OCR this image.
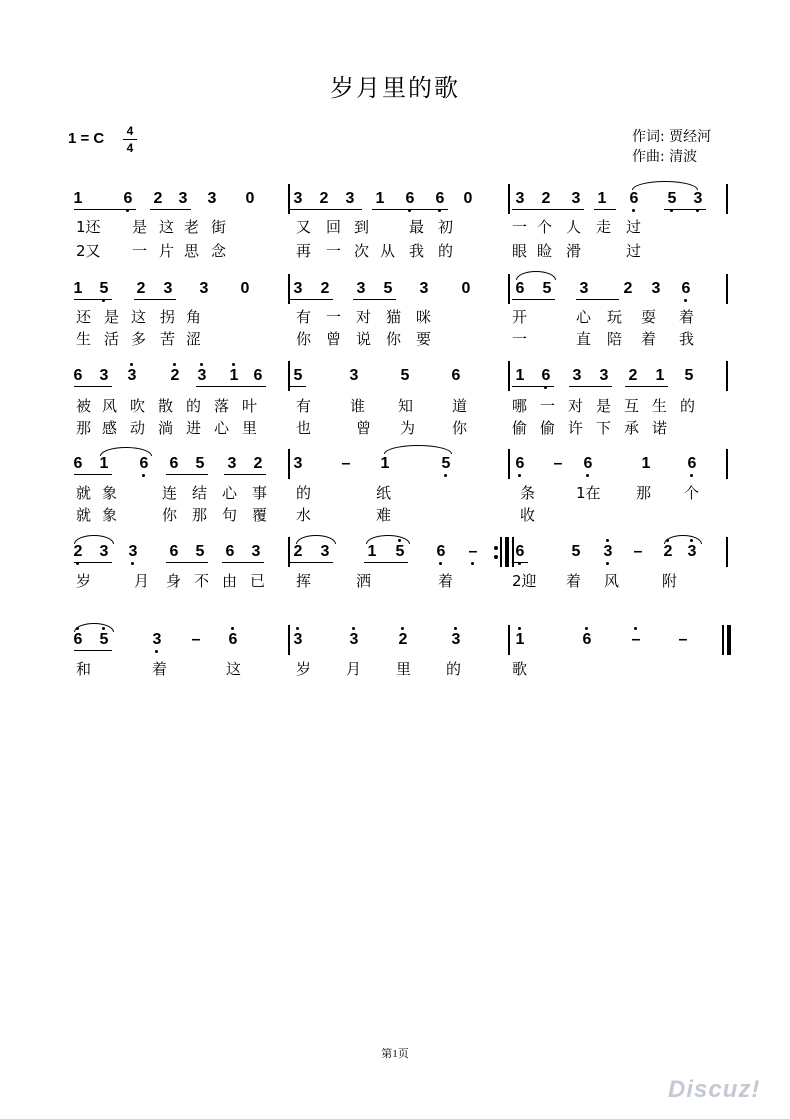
岁月里的歌
1 = C	4
4
作词: 贾经河
作曲: 清波
1	6 2 3 3 0 3 2 3 1 6 6 0	3 2 3 1 6 5 3
1还 是 这 老 街	又 回 到	最 初	一 个 人 走 过
2又 一 片 思 念	再 一 次 从 我 的	眼 睑 滑	过
1 5 2 3 3 0	3 2 3 5 3 0	6 5 3 2 3 6
还 是 这 拐 角	有 一 对 猫 咪	开	心 玩 耍 着
生 活 多 苦 涩	你 曾 说 你 要	一	直 陪 着 我
6 3 3 2 3 1 6 5	3	5	6	1 6 3 3 2 1 5
被 风 吹 散 的 落 叶	有	谁 知	道	哪 一 对 是 互 生 的
那 感 动 淌 进 心 里	也	曾 为 你	偷 偷 许 下 承 诺
6 1 6 6 5 3 2 3 – 1	5	6 – 6	1 6
就 象	连 结 心 事 的	纸	条	1在 那 个
就 象	你 那 句 覆 水	难	收
2 3 3 6 5 6 3 2 3 1 5 6 – 6	5 3 – 2 3
岁	月 身 不 由 已 挥	洒	着	2迎 着 风	附
6 5	3 – 6	3	3	2	3	1	6	– –
和	着	这	岁 月 里 的	歌
第1页
Discuz!
